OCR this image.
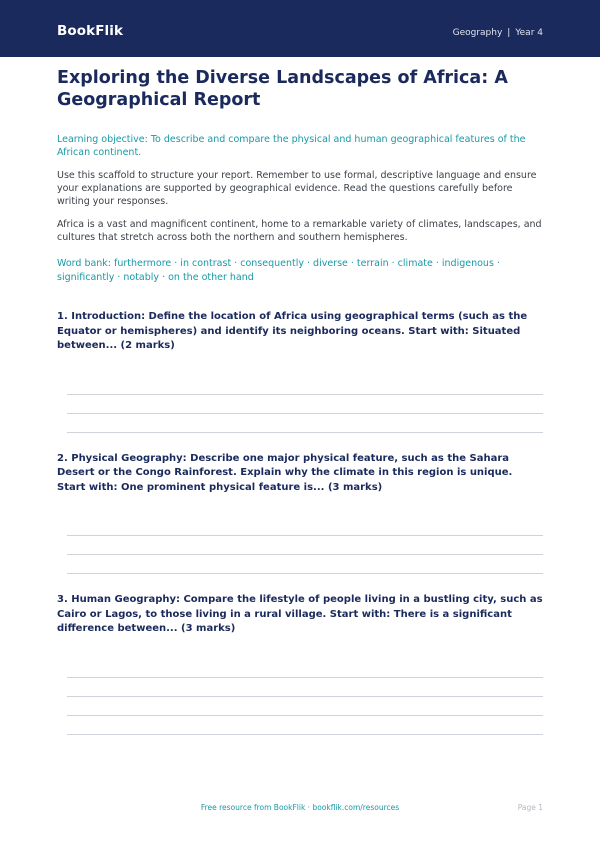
BookFlik	Geography | Year 4
Exploring the Diverse Landscapes of Africa: A Geographical Report

Learning objective: To describe and compare the physical and human geographical features of the African continent.

Use this scaffold to structure your report. Remember to use formal, descriptive language and ensure your explanations are supported by geographical evidence. Read the questions carefully before writing your responses.

Africa is a vast and magnificent continent, home to a remarkable variety of climates, landscapes, and cultures that stretch across both the northern and southern hemispheres.

Word bank: furthermore · in contrast · consequently · diverse · terrain · climate · indigenous · significantly · notably · on the other hand

1. Introduction: Define the location of Africa using geographical terms (such as the Equator or hemispheres) and identify its neighboring oceans. Start with: Situated between... (2 marks)

2. Physical Geography: Describe one major physical feature, such as the Sahara Desert or the Congo Rainforest. Explain why the climate in this region is unique. Start with: One prominent physical feature is... (3 marks)

3. Human Geography: Compare the lifestyle of people living in a bustling city, such as Cairo or Lagos, to those living in a rural village. Start with: There is a significant difference between... (3 marks)

Free resource from BookFlik · bookflik.com/resources	Page 1
